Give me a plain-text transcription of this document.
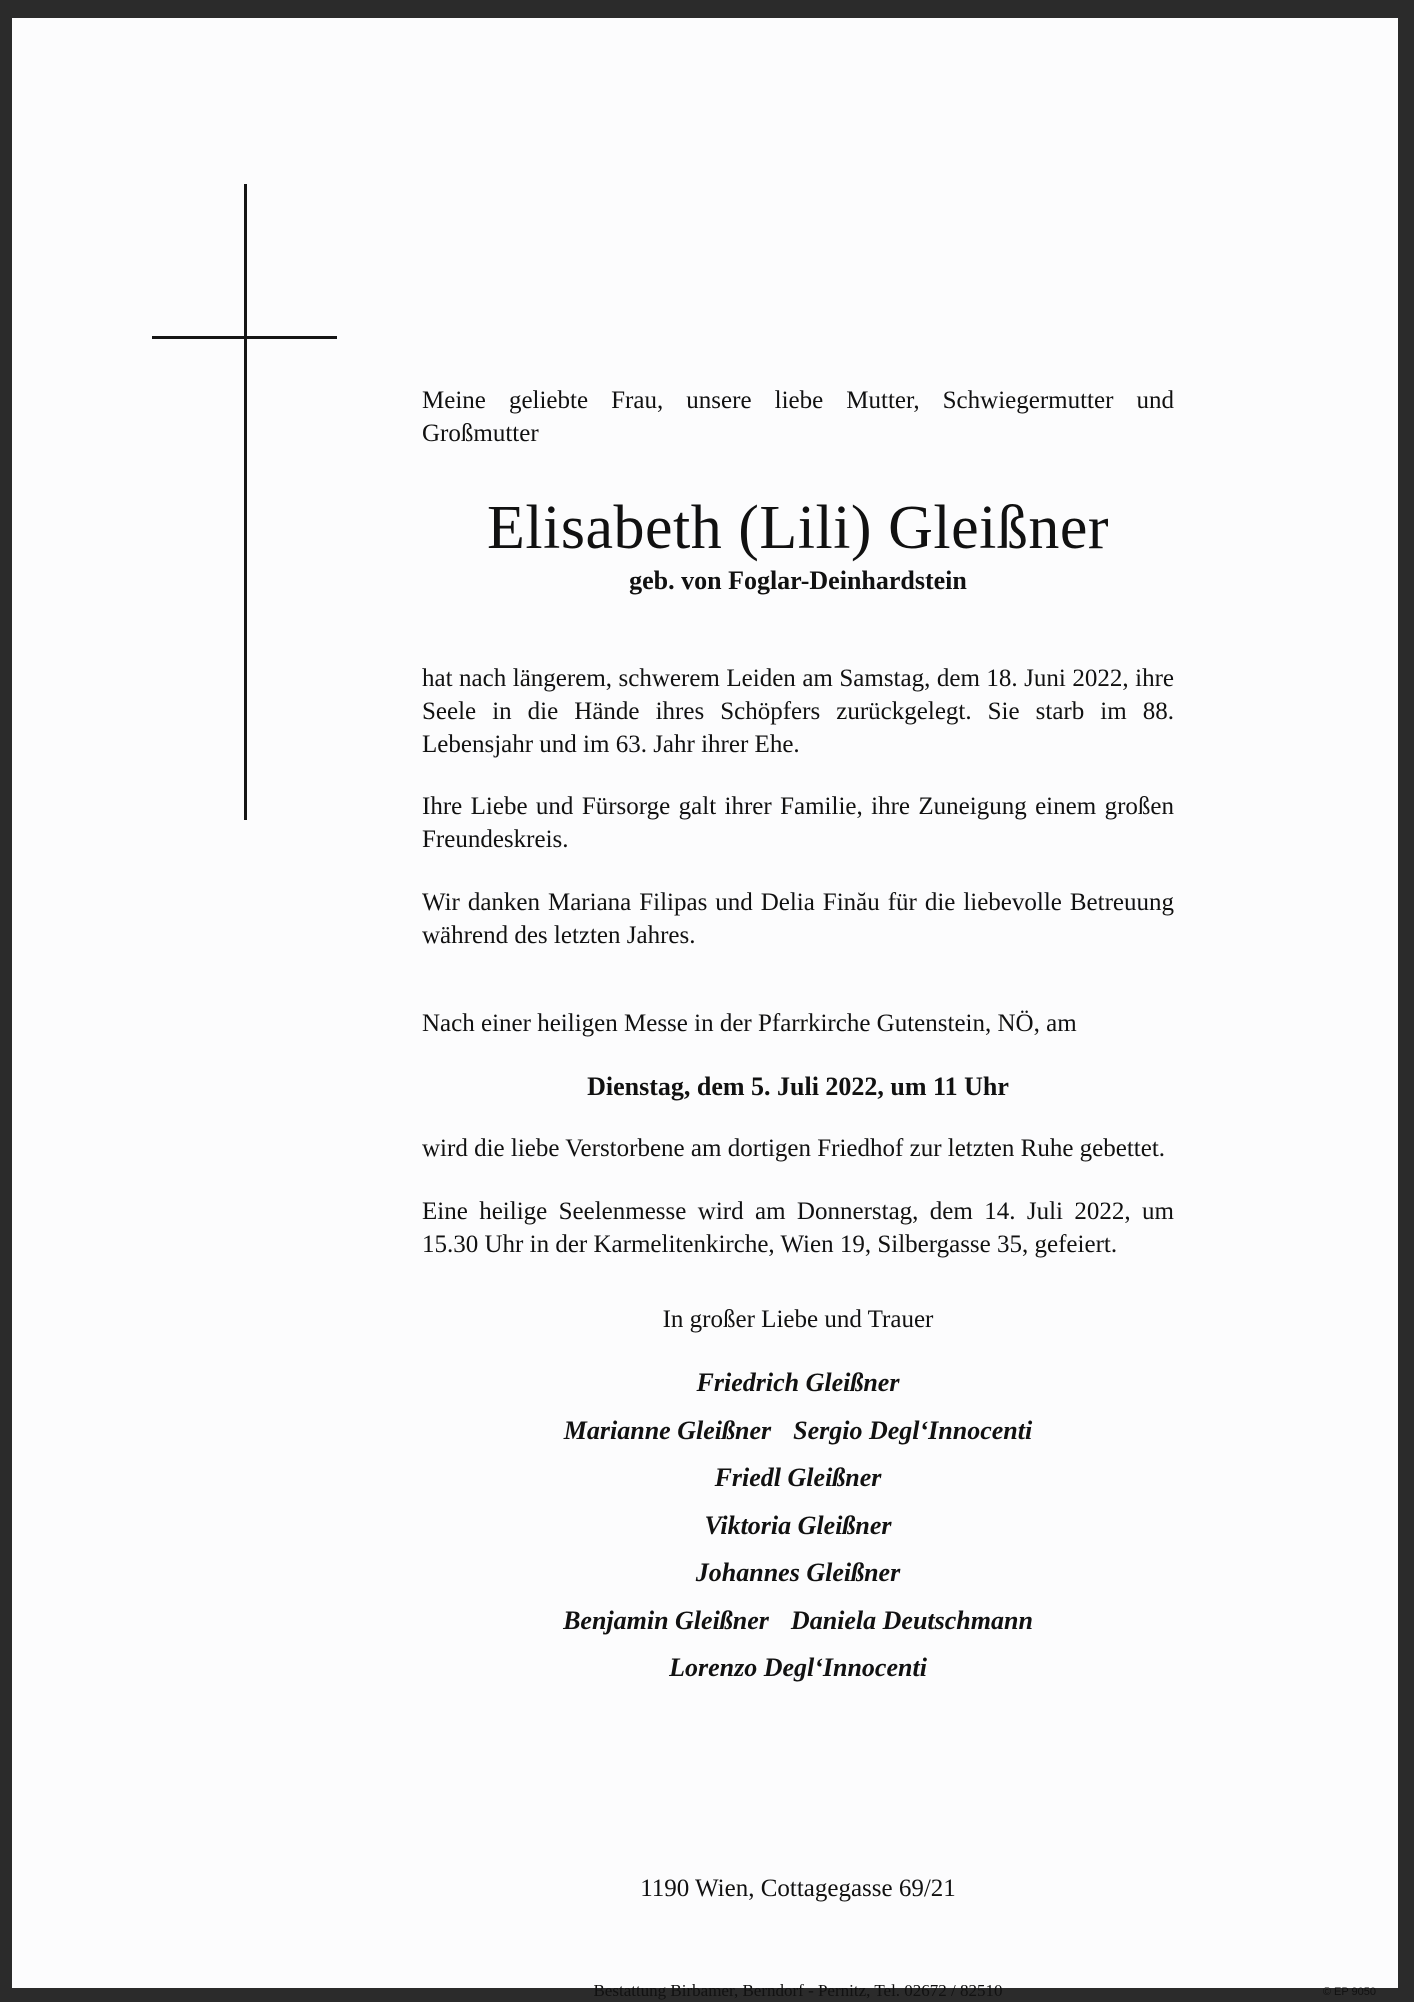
Meine geliebte Frau, unsere liebe Mutter, Schwiegermutter und Großmutter

Elisabeth (Lili) Gleißner
geb. von Foglar-Deinhardstein

hat nach längerem, schwerem Leiden am Samstag, dem 18. Juni 2022, ihre Seele in die Hände ihres Schöpfers zurückgelegt. Sie starb im 88. Lebensjahr und im 63. Jahr ihrer Ehe.

Ihre Liebe und Fürsorge galt ihrer Familie, ihre Zuneigung einem großen Freundeskreis.

Wir danken Mariana Filipas und Delia Finău für die liebevolle Betreuung während des letzten Jahres.

Nach einer heiligen Messe in der Pfarrkirche Gutenstein, NÖ, am

Dienstag, dem 5. Juli 2022, um 11 Uhr

wird die liebe Verstorbene am dortigen Friedhof zur letzten Ruhe gebettet.

Eine heilige Seelenmesse wird am Donnerstag, dem 14. Juli 2022, um 15.30 Uhr in der Karmelitenkirche, Wien 19, Silbergasse 35, gefeiert.

In großer Liebe und Trauer
Friedrich Gleißner
Marianne Gleißner Sergio Degl‘Innocenti
Friedl Gleißner
Viktoria Gleißner
Johannes Gleißner
Benjamin Gleißner Daniela Deutschmann
Lorenzo Degl‘Innocenti
1190 Wien, Cottagegasse 69/21
Bestattung Birbamer, Berndorf - Pernitz, Tel. 02672 / 82510	© EP 9050
